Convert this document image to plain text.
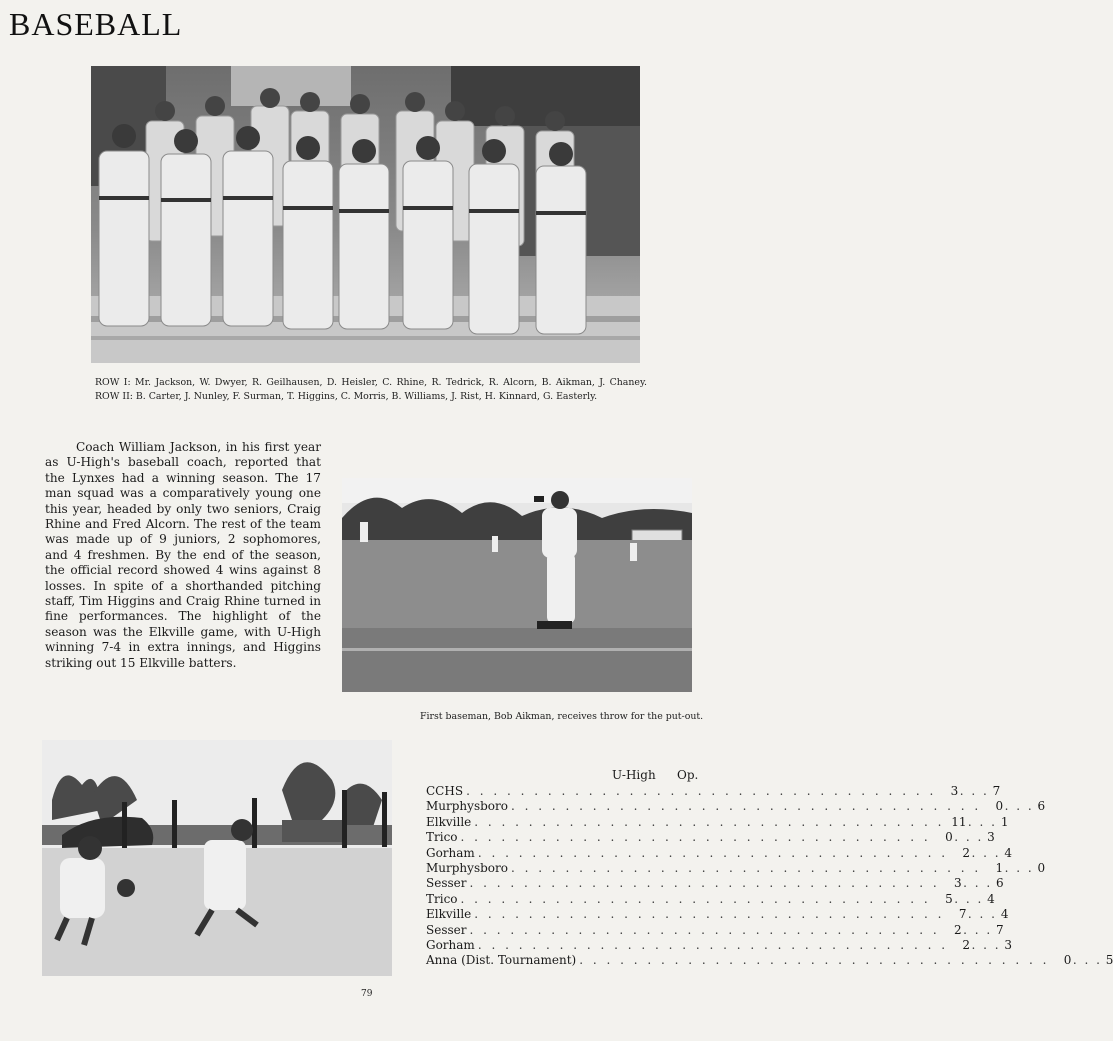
BASEBALL

ROW I: Mr. Jackson, W. Dwyer, R. Geilhausen, D. Heisler, C. Rhine, R. Tedrick, R. Alcorn, B. Aikman, J. Chaney. ROW II: B. Carter, J. Nunley, F. Surman, T. Higgins, C. Morris, B. Williams, J. Rist, H. Kinnard, G. Easterly.

Coach William Jackson, in his first year as U-High's baseball coach, reported that the Lynxes had a winning season. The 17 man squad was a comparatively young one this year, headed by only two seniors, Craig Rhine and Fred Alcorn. The rest of the team was made up of 9 juniors, 2 sophomores, and 4 freshmen. By the end of the season, the official record showed 4 wins against 8 losses. In spite of a shorthanded pitching staff, Tim Higgins and Craig Rhine turned in fine performances. The highlight of the season was the Elkville game, with U-High winning 7-4 in extra innings, and Higgins striking out 15 Elkville batters.

First baseman, Bob Aikman, receives throw for the put-out.

U-High Op.
CCHS . . . . . . . . . . . . . . . . . . . . . . . . . . . . . . . . . . .	3 . . . 7
Murphysboro . . . . . . . . . . . . . . . . . . . . . . . . . . . . . . . . . . .	0 . . . 6
Elkville . . . . . . . . . . . . . . . . . . . . . . . . . . . . . . . . . . . 11 . . . 1
Trico . . . . . . . . . . . . . . . . . . . . . . . . . . . . . . . . . . .	0 . . . 3
Gorham . . . . . . . . . . . . . . . . . . . . . . . . . . . . . . . . . . .	2 . . . 4
Murphysboro . . . . . . . . . . . . . . . . . . . . . . . . . . . . . . . . . . .	1 . . . 0
Sesser . . . . . . . . . . . . . . . . . . . . . . . . . . . . . . . . . . .	3 . . . 6
Trico . . . . . . . . . . . . . . . . . . . . . . . . . . . . . . . . . . .	5 . . . 4
Elkville . . . . . . . . . . . . . . . . . . . . . . . . . . . . . . . . . . .	7 . . . 4
Sesser . . . . . . . . . . . . . . . . . . . . . . . . . . . . . . . . . . .	2 . . . 7
Gorham . . . . . . . . . . . . . . . . . . . . . . . . . . . . . . . . . . .	2 . . . 3
Anna (Dist. Tournament) . . . . . . . . . . . . . . . . . . . . . . . . . . . . . . . . . . .	0 . . . 5
79
